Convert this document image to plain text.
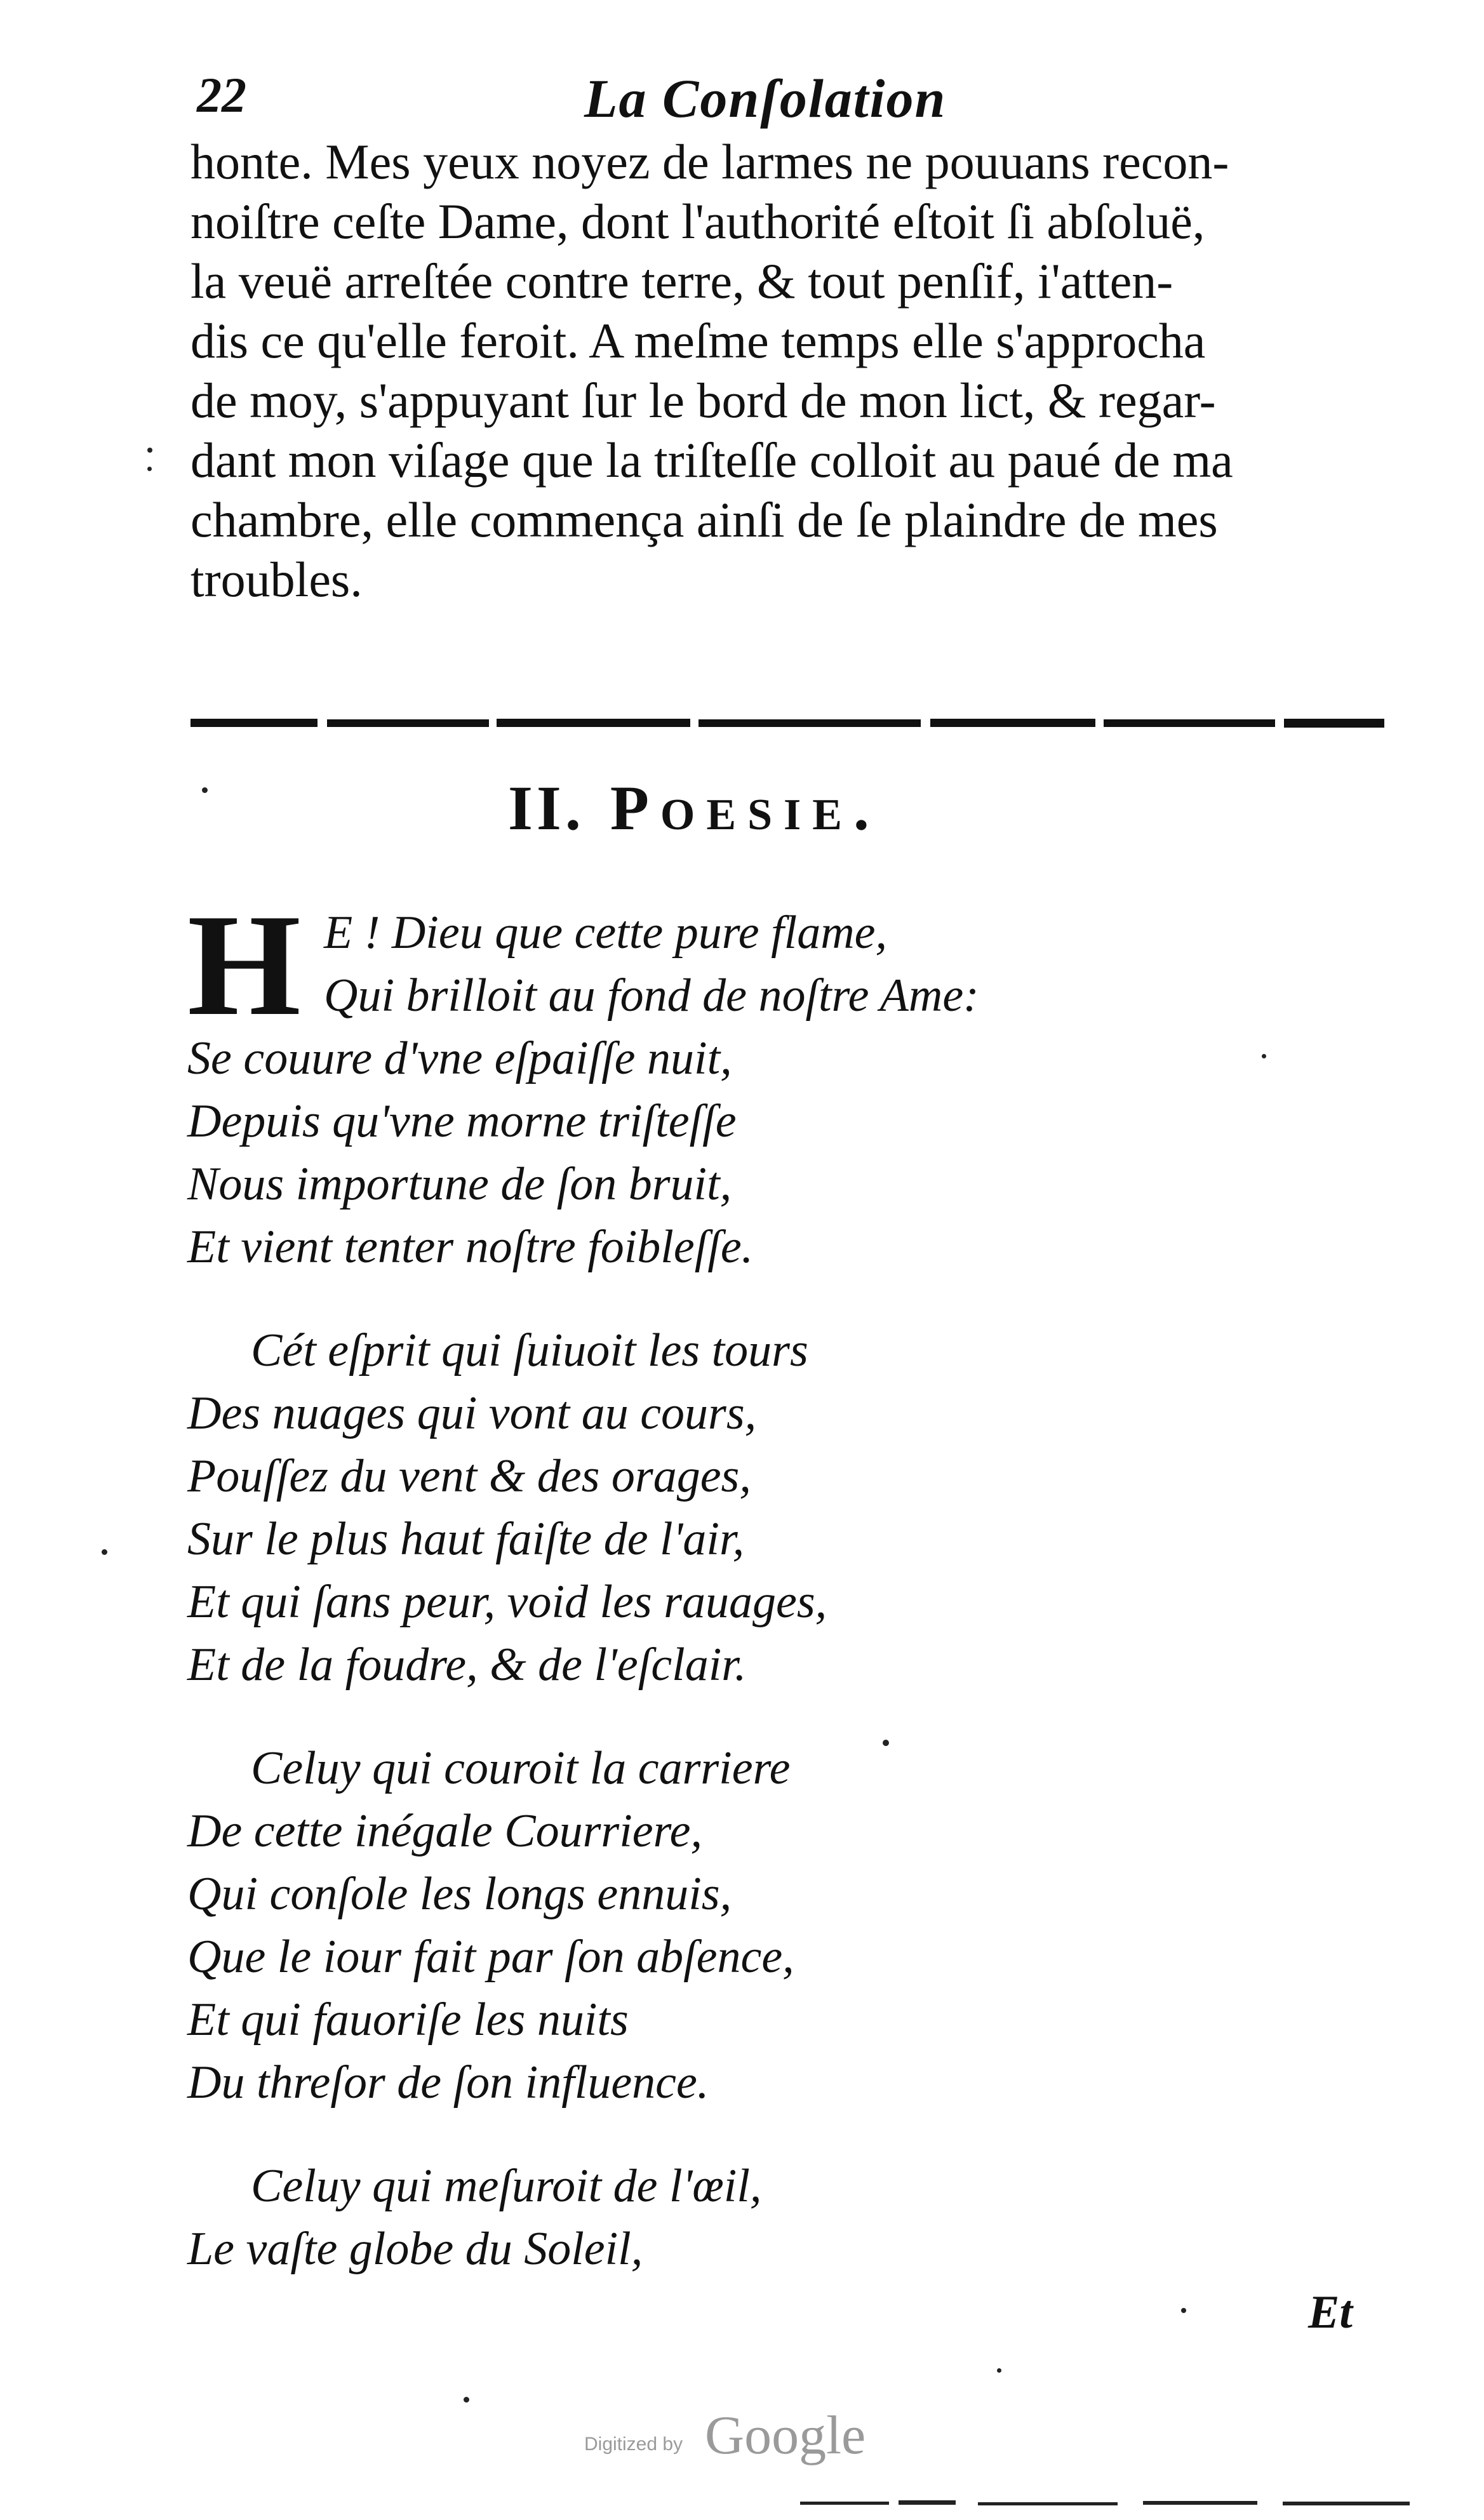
22	La Conſolation
honte. Mes yeux noyez de larmes ne pouuans recon-
noiſtre ceſte Dame, dont l'authorité eſtoit ſi abſoluë,
la veuë arreſtée contre terre, & tout penſif, i'atten-
dis ce qu'elle feroit. A meſme temps elle s'approcha
de moy, s'appuyant ſur le bord de mon lict, & regar-
dant mon viſage que la triſteſſe colloit au paué de ma
chambre, elle commença ainſi de ſe plaindre de mes
troubles.
II. Poesie.
H E ! Dieu que cette pure flame,
Qui brilloit au fond de noſtre Ame:
Se couure d'vne eſpaiſſe nuit,
Depuis qu'vne morne triſteſſe
Nous importune de ſon bruit,
Et vient tenter noſtre foibleſſe.
Cét eſprit qui ſuiuoit les tours
Des nuages qui vont au cours,
Pouſſez du vent & des orages,
Sur le plus haut faiſte de l'air,
Et qui ſans peur, void les rauages,
Et de la foudre, & de l'eſclair.
Celuy qui couroit la carriere
De cette inégale Courriere,
Qui conſole les longs ennuis,
Que le iour fait par ſon abſence,
Et qui fauoriſe les nuits
Du threſor de ſon influence.
Celuy qui meſuroit de l'œil,
Le vaſte globe du Soleil,
Et
Digitized by Google
